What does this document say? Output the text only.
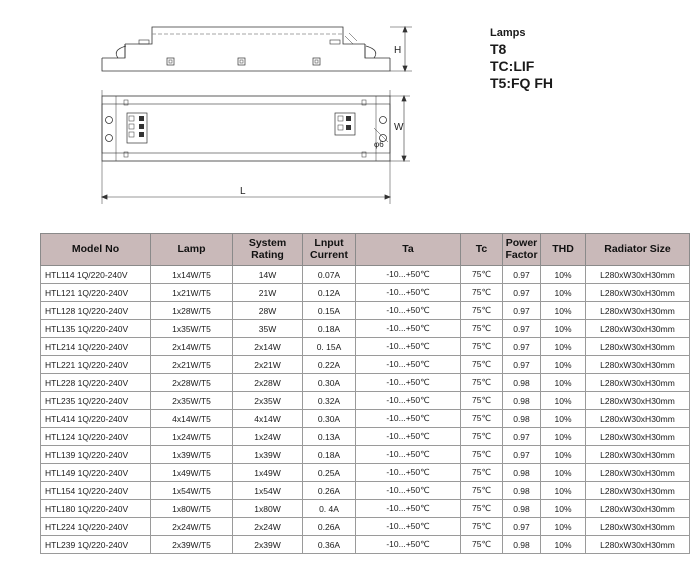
H
W
φ6
L
Lamps
T8
TC:LIF
T5:FQ FH
Model No	Lamp	System Rating	Lnput Current	Ta	Tc	Power Factor	THD	Radiator Size
HTL114 1Q/220-240V	1x14W/T5	14W	0.07A	-10...+50℃	75℃	0.97	10%	L280xW30xH30mm
HTL121 1Q/220-240V	1x21W/T5	21W	0.12A	-10...+50℃	75℃	0.97	10%	L280xW30xH30mm
HTL128 1Q/220-240V	1x28W/T5	28W	0.15A	-10...+50℃	75℃	0.97	10%	L280xW30xH30mm
HTL135 1Q/220-240V	1x35W/T5	35W	0.18A	-10...+50℃	75℃	0.97	10%	L280xW30xH30mm
HTL214 1Q/220-240V	2x14W/T5	2x14W	0. 15A	-10...+50℃	75℃	0.97	10%	L280xW30xH30mm
HTL221 1Q/220-240V	2x21W/T5	2x21W	0.22A	-10...+50℃	75℃	0.97	10%	L280xW30xH30mm
HTL228 1Q/220-240V	2x28W/T5	2x28W	0.30A	-10...+50℃	75℃	0.98	10%	L280xW30xH30mm
HTL235 1Q/220-240V	2x35W/T5	2x35W	0.32A	-10...+50℃	75℃	0.98	10%	L280xW30xH30mm
HTL414 1Q/220-240V	4x14W/T5	4x14W	0.30A	-10...+50℃	75℃	0.98	10%	L280xW30xH30mm
HTL124 1Q/220-240V	1x24W/T5	1x24W	0.13A	-10...+50℃	75℃	0.97	10%	L280xW30xH30mm
HTL139 1Q/220-240V	1x39W/T5	1x39W	0.18A	-10...+50℃	75℃	0.97	10%	L280xW30xH30mm
HTL149 1Q/220-240V	1x49W/T5	1x49W	0.25A	-10...+50℃	75℃	0.98	10%	L280xW30xH30mm
HTL154 1Q/220-240V	1x54W/T5	1x54W	0.26A	-10...+50℃	75℃	0.98	10%	L280xW30xH30mm
HTL180 1Q/220-240V	1x80W/T5	1x80W	0. 4A	-10...+50℃	75℃	0.98	10%	L280xW30xH30mm
HTL224 1Q/220-240V	2x24W/T5	2x24W	0.26A	-10...+50℃	75℃	0.97	10%	L280xW30xH30mm
HTL239 1Q/220-240V	2x39W/T5	2x39W	0.36A	-10...+50℃	75℃	0.98	10%	L280xW30xH30mm
